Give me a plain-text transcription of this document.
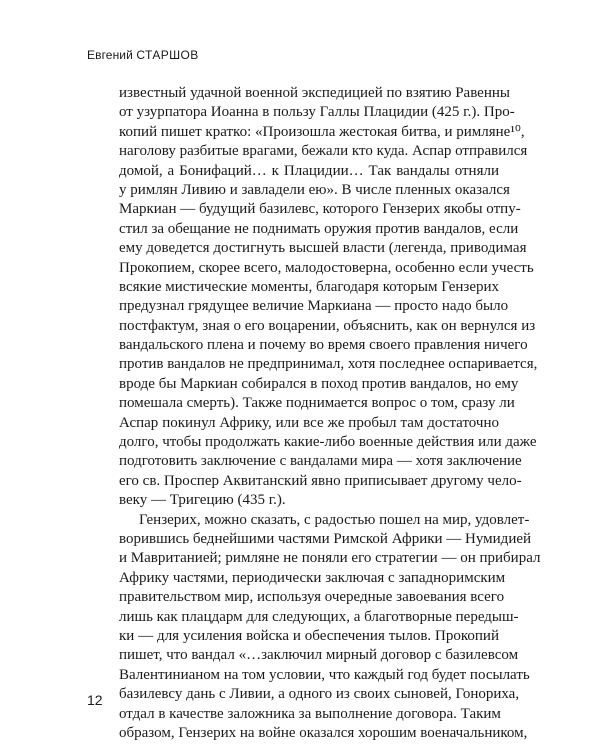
Евгений СТАРШОВ
известный удачной военной экспедицией по взятию Равенны
от узурпатора Иоанна в пользу Галлы Плацидии (425 г.). Про-
копий пишет кратко: «Произошла жестокая битва, и римляне¹⁰,
наголову разбитые врагами, бежали кто куда. Аспар отправился
домой, а Бонифаций… к Плацидии… Так вандалы отняли
у римлян Ливию и завладели ею». В числе пленных оказался
Маркиан — будущий базилевс, которого Гензерих якобы отпу-
стил за обещание не поднимать оружия против вандалов, если
ему доведется достигнуть высшей власти (легенда, приводимая
Прокопием, скорее всего, малодостоверна, особенно если учесть
всякие мистические моменты, благодаря которым Гензерих
предузнал грядущее величие Маркиана — просто надо было
постфактум, зная о его воцарении, объяснить, как он вернулся из
вандальского плена и почему во время своего правления ничего
против вандалов не предпринимал, хотя последнее оспаривается,
вроде бы Маркиан собирался в поход против вандалов, но ему
помешала смерть). Также поднимается вопрос о том, сразу ли
Аспар покинул Африку, или все же пробыл там достаточно
долго, чтобы продолжать какие-либо военные действия или даже
подготовить заключение с вандалами мира — хотя заключение
его св. Проспер Аквитанский явно приписывает другому чело-
веку — Тригецию (435 г.).
Гензерих, можно сказать, с радостью пошел на мир, удовлет-
ворившись беднейшими частями Римской Африки — Нумидией
и Мавританией; римляне не поняли его стратегии — он прибирал
Африку частями, периодически заключая с западноримским
правительством мир, используя очередные завоевания всего
лишь как плацдарм для следующих, а благотворные передыш-
ки — для усиления войска и обеспечения тылов. Прокопий
пишет, что вандал «…заключил мирный договор с базилевсом
Валентинианом на том условии, что каждый год будет посылать
базилевсу дань с Ливии, а одного из своих сыновей, Гонориха,
отдал в качестве заложника за выполнение договора. Таким
образом, Гензерих на войне оказался хорошим военачальником,
12
